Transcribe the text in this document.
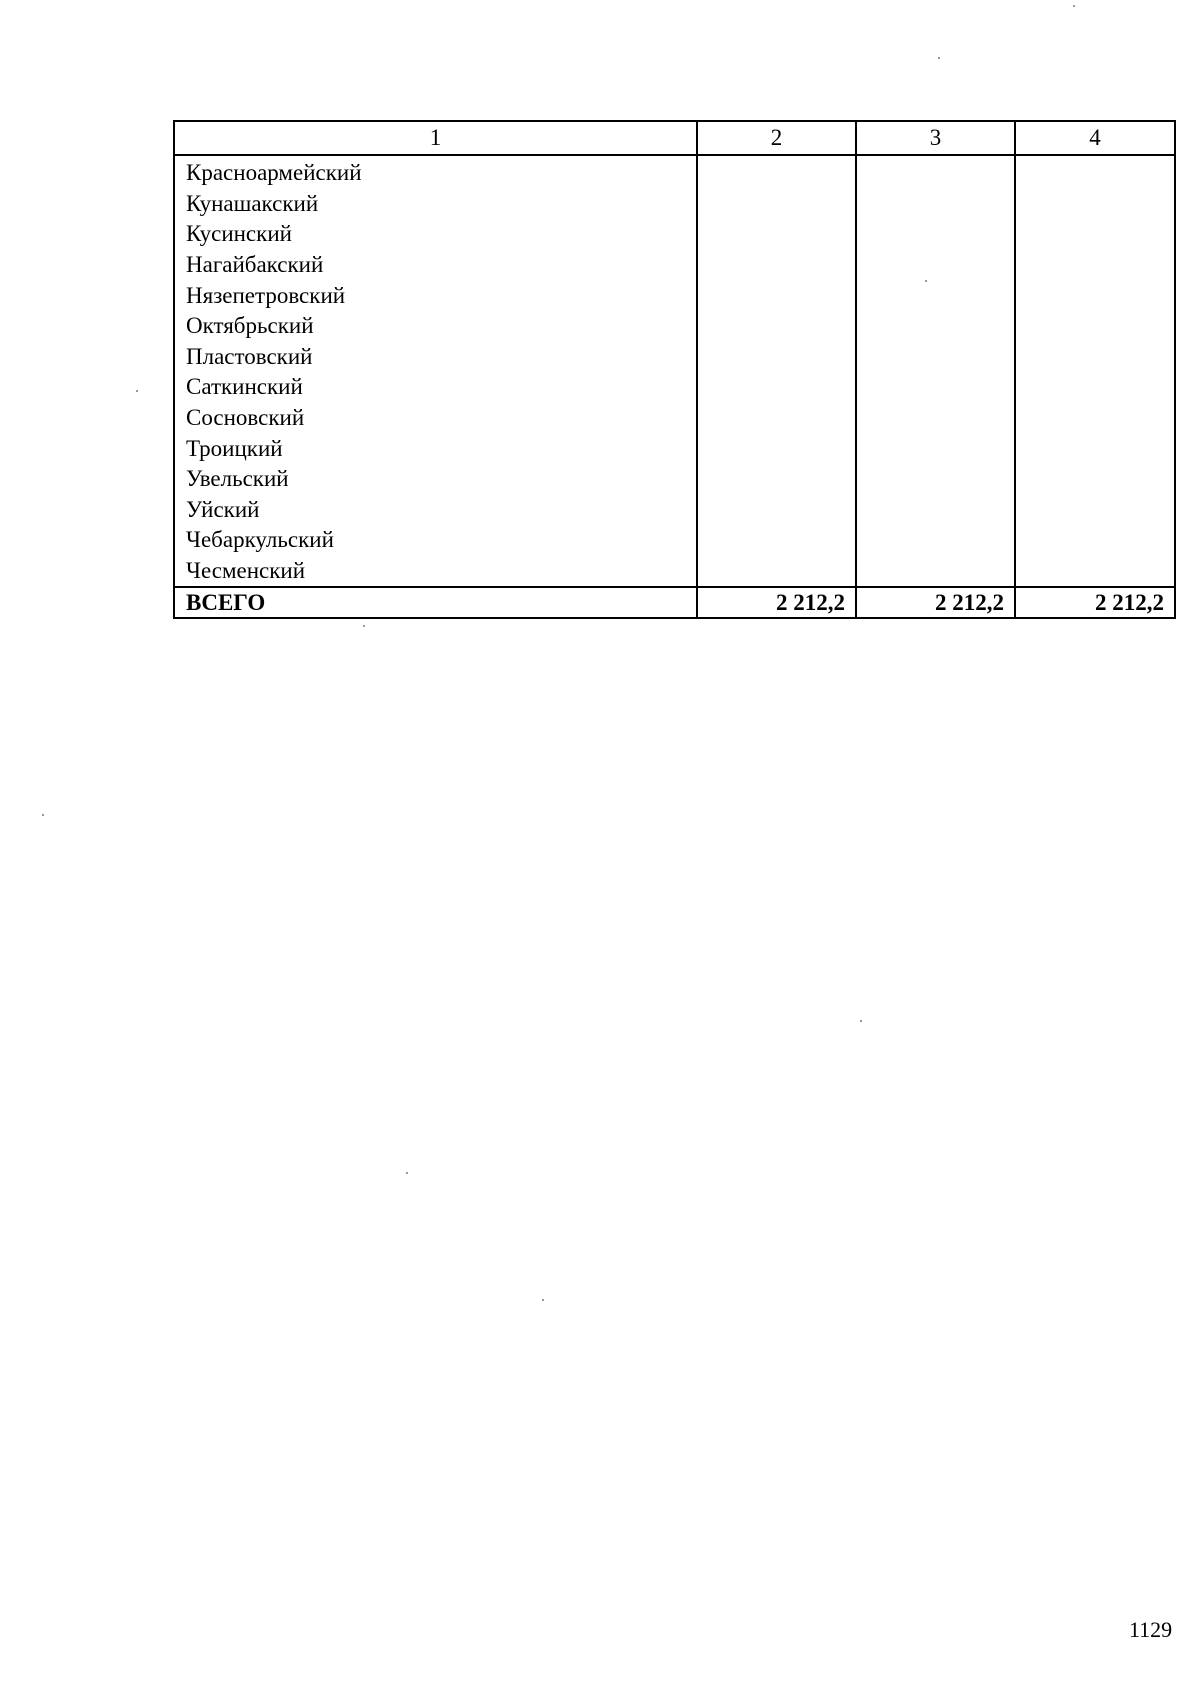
1	2	3	4
Красноармейский			
Кунашакский			
Кусинский			
Нагайбакский			
Нязепетровский			
Октябрьский			
Пластовский			
Саткинский			
Сосновский			
Троицкий			
Увельский			
Уйский			
Чебаркульский			
Чесменский			
ВСЕГО	2 212,2	2 212,2	2 212,2
1129
